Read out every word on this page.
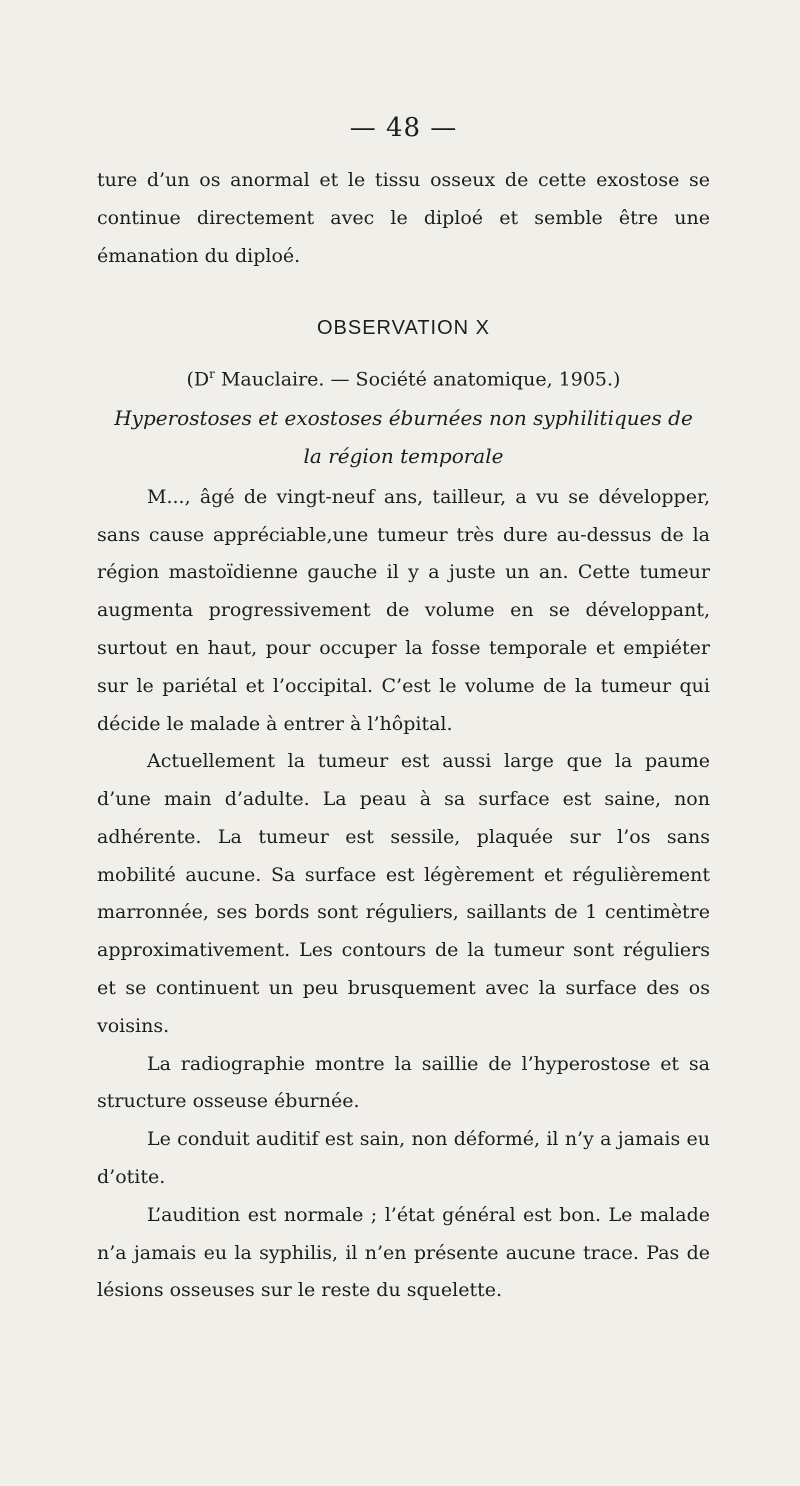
— 48 —

ture d’un os anormal et le tissu osseux de cette exostose se continue directement avec le diploé et semble être une émanation du diploé.

OBSERVATION X
($D^r$ Mauclaire. — Société anatomique, 1905.)
Hyperostoses et exostoses éburnées non syphilitiques de
la région temporale

M..., âgé de vingt-neuf ans, tailleur, a vu se développer, sans cause appréciable,une tumeur très dure au-dessus de la région mastoïdienne gauche il y a juste un an. Cette tumeur augmenta progressivement de volume en se développant, surtout en haut, pour occuper la fosse temporale et empiéter sur le pariétal et l’occipital. C’est le volume de la tumeur qui décide le malade à entrer à l’hôpital.

Actuellement la tumeur est aussi large que la paume d’une main d’adulte. La peau à sa surface est saine, non adhérente. La tumeur est sessile, plaquée sur l’os sans mobilité aucune. Sa surface est légèrement et régulièrement marronnée, ses bords sont réguliers, saillants de 1 centimètre approximativement. Les contours de la tumeur sont réguliers et se continuent un peu brusquement avec la surface des os voisins.

La radiographie montre la saillie de l’hyperostose et sa structure osseuse éburnée.

Le conduit auditif est sain, non déformé, il n’y a jamais eu d’otite.

L’audition est normale ; l’état général est bon. Le malade n’a jamais eu la syphilis, il n’en présente aucune trace. Pas de lésions osseuses sur le reste du squelette.
